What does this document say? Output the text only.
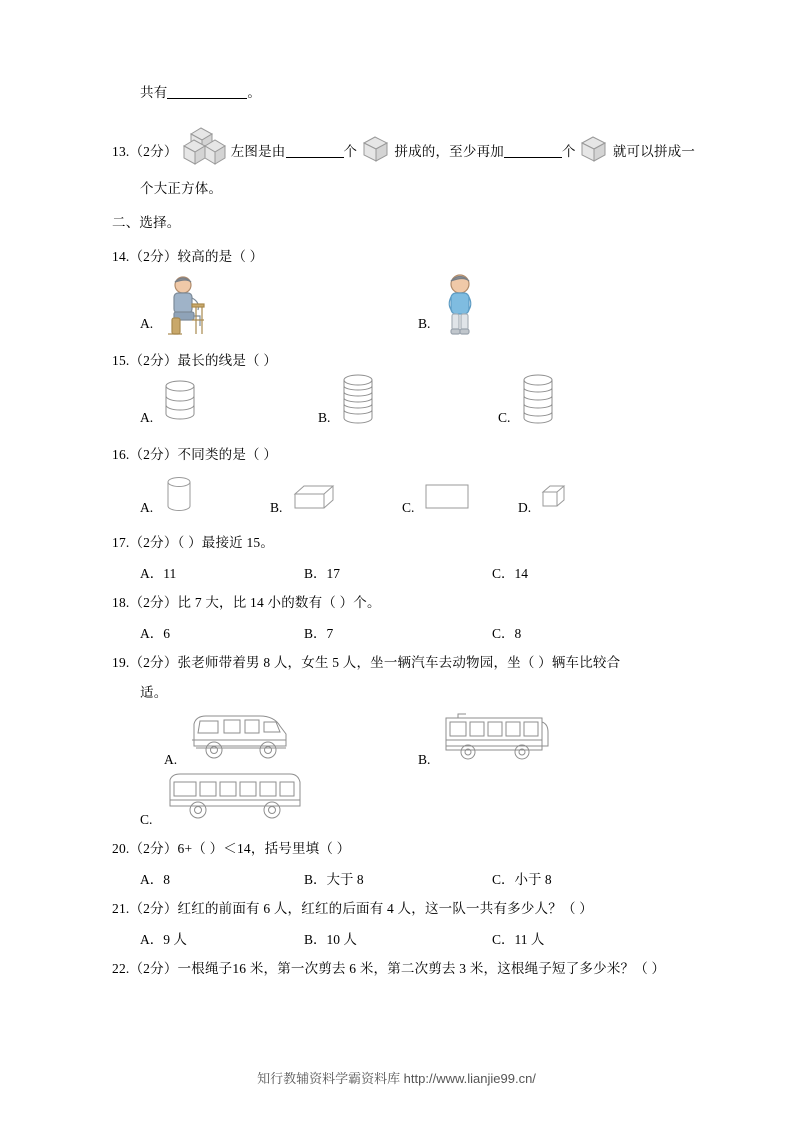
共有	。
13.（2分）	左图是由	个	拼成的，至少再加	个	就可以拼成一
个大正方体。
二、选择。
14.（2分）较高的是（ ）
A.	B.
15.（2分）最长的线是（ ）
A.	B.	C.
16.（2分）不同类的是（ ）
A.	B.	C.	D.
17.（2分）（ ）最接近 15。
A．11	B．17	C．14
18.（2分）比 7 大，比 14 小的数有（ ）个。
A．6	B．7	C．8
19.（2分）张老师带着男 8 人，女生 5 人，坐一辆汽车去动物园，坐（ ）辆车比较合
适。
A.	B.
C.
20.（2分）6+（ ）＜14，括号里填（ ）
A．8	B．大于 8	C．小于 8
21.（2分）红红的前面有 6 人，红红的后面有 4 人，这一队一共有多少人？（ ）
A．9 人	B．10 人	C．11 人
22.（2分）一根绳子16 米，第一次剪去 6 米，第二次剪去 3 米，这根绳子短了多少米？（ ）
知行教辅资料学霸资料库 http://www.lianjie99.cn/
